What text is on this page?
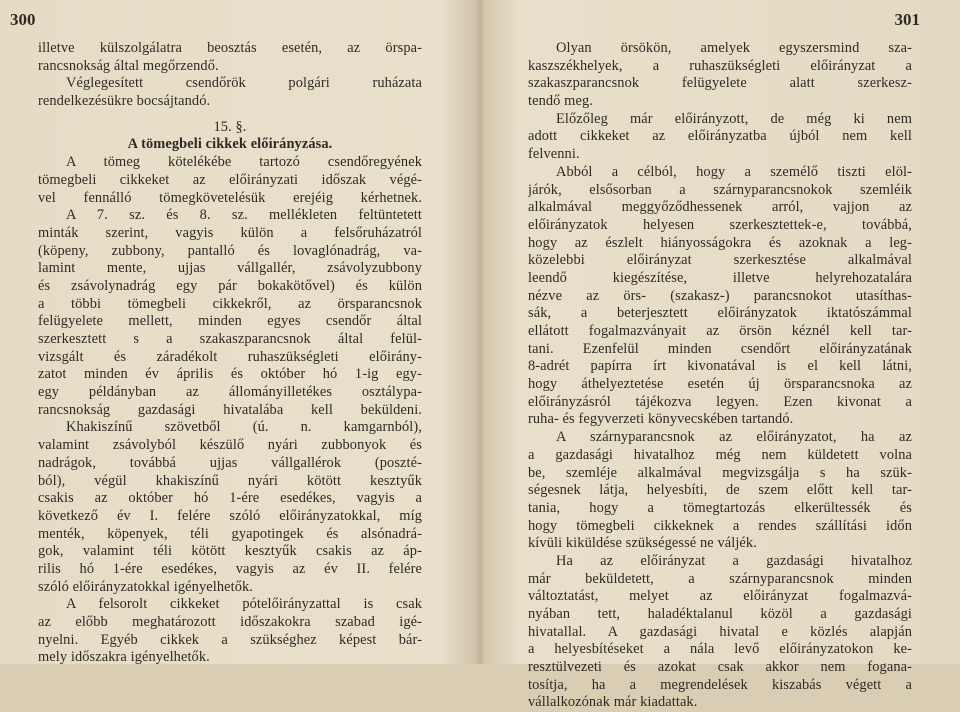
300
illetve külszolgálatra beosztás esetén, az örspa-
rancsnokság által megőrzendő.
Véglegesített csendőrök polgári ruházata
rendelkezésükre bocsájtandó.
15. §.
A tömegbeli cikkek előirányzása.
A tömeg kötelékébe tartozó csendőregyének
tömegbeli cikkeket az előirányzati időszak végé-
vel fennálló tömegkövetelésük erejéig kérhetnek.
A 7. sz. és 8. sz. mellékleten feltüntetett
minták szerint, vagyis külön a felsőruházatról
(köpeny, zubbony, pantalló és lovaglónadrág, va-
lamint mente, ujjas vállgallér, zsávolyzubbony
és zsávolynadrág egy pár bokakötővel) és külön
a többi tömegbeli cikkekről, az örsparancsnok
felügyelete mellett, minden egyes csendőr által
szerkesztett s a szakaszparancsnok által felül-
vizsgált és záradékolt ruhaszükségleti előirány-
zatot minden év április és október hó 1-ig egy-
egy példányban az állományilletékes osztálypa-
rancsnokság gazdasági hivatalába kell beküldeni.
Khakiszínű szövetből (ú. n. kamgarnból),
valamint zsávolyból készülő nyári zubbonyok és
nadrágok, továbbá ujjas vállgallérok (poszté-
ból), végül khakiszínű nyári kötött kesztyűk
csakis az október hó 1-ére esedékes, vagyis a
következő év I. felére szóló előirányzatokkal, míg
menték, köpenyek, téli gyapotingek és alsónadrá-
gok, valamint téli kötött kesztyűk csakis az áp-
rilis hó 1-ére esedékes, vagyis az év II. felére
szóló előirányzatokkal igényelhetők.
A felsorolt cikkeket pótelőirányzattal is csak
az előbb meghatározott időszakokra szabad igé-
nyelni. Egyéb cikkek a szükséghez képest bár-
mely időszakra igényelhetők.
301
Olyan örsökön, amelyek egyszersmind sza-
kaszszékhelyek, a ruhaszükségleti előirányzat a
szakaszparancsnok felügyelete alatt szerkesz-
tendő meg.
Előzőleg már előirányzott, de még ki nem
adott cikkeket az előirányzatba újból nem kell
felvenni.
Abból a célból, hogy a személő tiszti elöl-
járók, elsősorban a szárnyparancsnokok szemléik
alkalmával meggyőződhessenek arról, vajjon az
előirányzatok helyesen szerkesztettek-e, továbbá,
hogy az észlelt hiányosságokra és azoknak a leg-
közelebbi előirányzat szerkesztése alkalmával
leendő kiegészítése, illetve helyrehozatalára
nézve az örs- (szakasz-) parancsnokot utasíthas-
sák, a beterjesztett előirányzatok iktatószámmal
ellátott fogalmazványait az örsön kéznél kell tar-
tani. Ezenfelül minden csendőrt előirányzatának
8-adrét papírra írt kivonatával is el kell látni,
hogy áthelyeztetése esetén új örsparancsnoka az
előirányzásról tájékozva legyen. Ezen kivonat a
ruha- és fegyverzeti könyvecskében tartandó.
A szárnyparancsnok az előirányzatot, ha az
a gazdasági hivatalhoz még nem küldetett volna
be, szemléje alkalmával megvizsgálja s ha szük-
ségesnek látja, helyesbíti, de szem előtt kell tar-
tania, hogy a tömegtartozás elkerültessék és
hogy tömegbeli cikkeknek a rendes szállítási időn
kívüli kiküldése szükségessé ne váljék.
Ha az előirányzat a gazdasági hivatalhoz
már beküldetett, a szárnyparancsnok minden
változtatást, melyet az előirányzat fogalmazvá-
nyában tett, haladéktalanul közöl a gazdasági
hivatallal. A gazdasági hivatal e közlés alapján
a helyesbítéseket a nála levő előirányzatokon ke-
resztülvezeti és azokat csak akkor nem fogana-
tosítja, ha a megrendelések kiszabás végett a
vállalkozónak már kiadattak.
